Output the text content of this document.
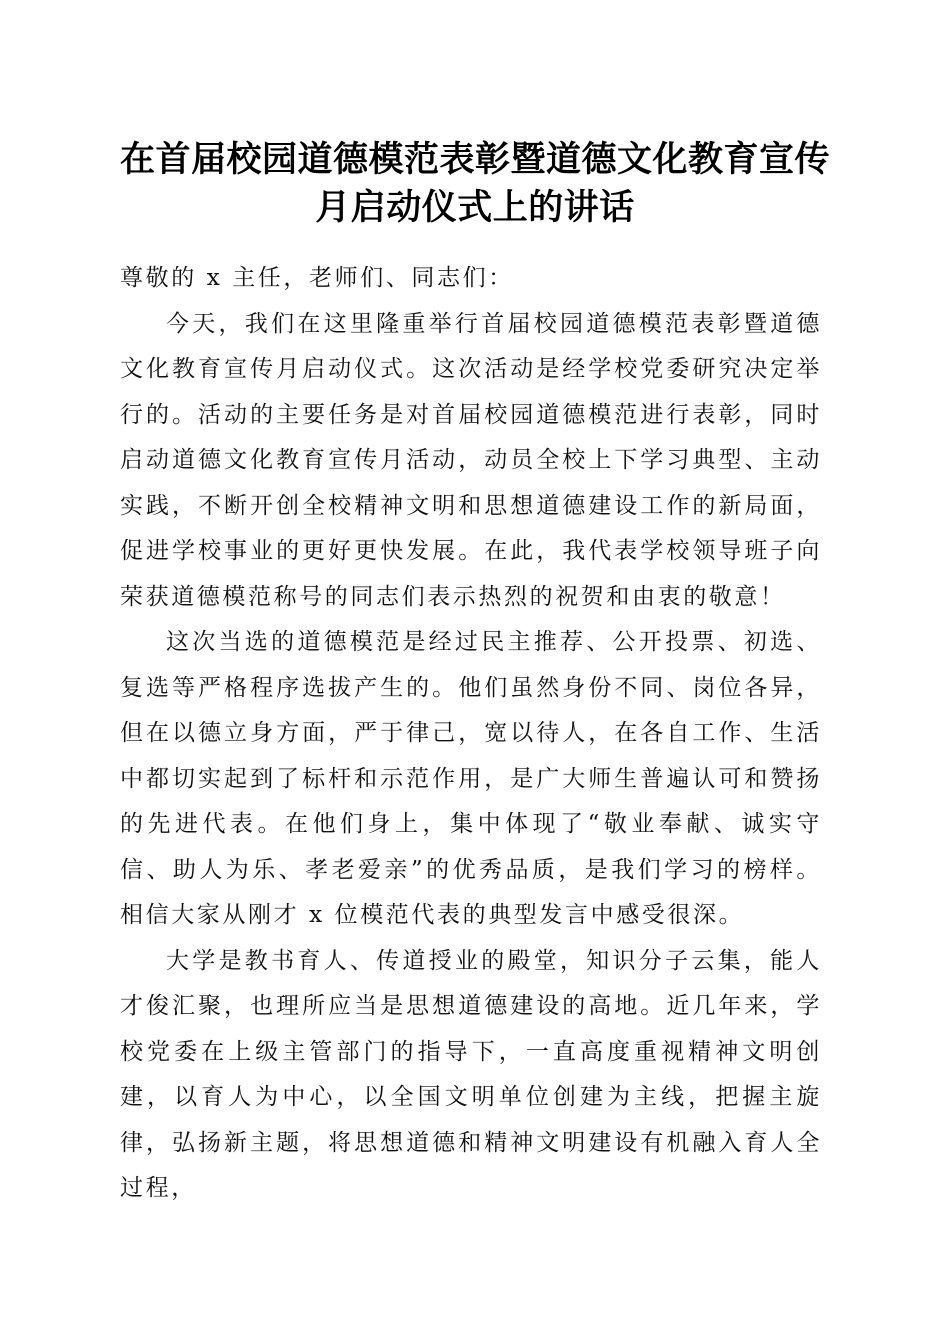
在首届校园道德模范表彰暨道德文化教育宣传
月启动仪式上的讲话

尊敬的 x 主任，老师们、同志们：

今天，我们在这里隆重举行首届校园道德模范表彰暨道德文化教育宣传月启动仪式。这次活动是经学校党委研究决定举行的。活动的主要任务是对首届校园道德模范进行表彰，同时启动道德文化教育宣传月活动，动员全校上下学习典型、主动实践，不断开创全校精神文明和思想道德建设工作的新局面，促进学校事业的更好更快发展。在此，我代表学校领导班子向荣获道德模范称号的同志们表示热烈的祝贺和由衷的敬意！

这次当选的道德模范是经过民主推荐、公开投票、初选、复选等严格程序选拔产生的。他们虽然身份不同、岗位各异，但在以德立身方面，严于律己，宽以待人，在各自工作、生活中都切实起到了标杆和示范作用，是广大师生普遍认可和赞扬的先进代表。在他们身上，集中体现了“敬业奉献、诚实守信、助人为乐、孝老爱亲”的优秀品质，是我们学习的榜样。相信大家从刚才 x 位模范代表的典型发言中感受很深。

大学是教书育人、传道授业的殿堂，知识分子云集，能人才俊汇聚，也理所应当是思想道德建设的高地。近几年来，学校党委在上级主管部门的指导下，一直高度重视精神文明创建，以育人为中心，以全国文明单位创建为主线，把握主旋律，弘扬新主题，将思想道德和精神文明建设有机融入育人全过程，
